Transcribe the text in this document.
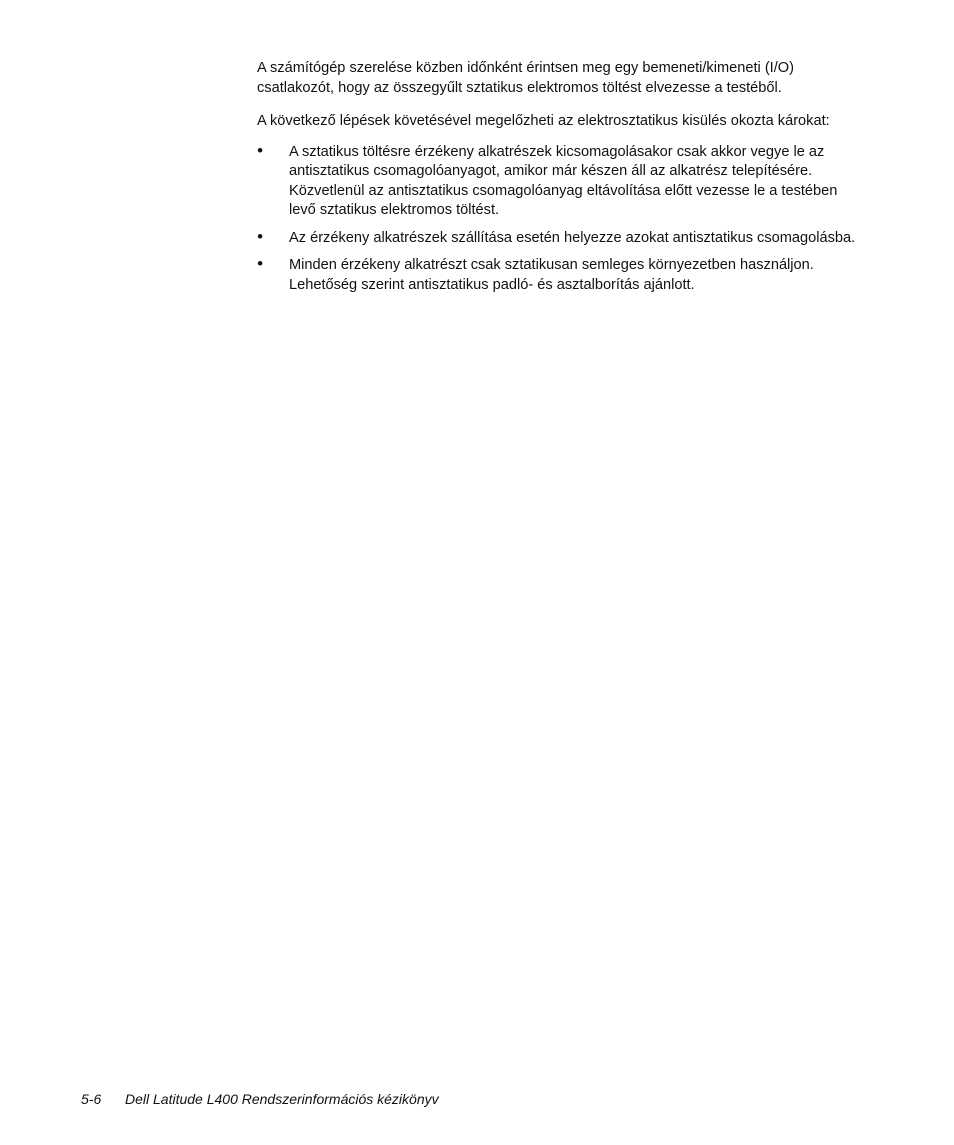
A számítógép szerelése közben időnként érintsen meg egy bemeneti/kimeneti (I/O) csatlakozót, hogy az összegyűlt sztatikus elektromos töltést elvezesse a testéből.

A következő lépések követésével megelőzheti az elektrosztatikus kisülés okozta károkat:

• A sztatikus töltésre érzékeny alkatrészek kicsomagolásakor csak akkor vegye le az antisztatikus csomagolóanyagot, amikor már készen áll az alkatrész telepítésére. Közvetlenül az antisztatikus csomagolóanyag eltávolítása előtt vezesse le a testében levő sztatikus elektromos töltést.
• Az érzékeny alkatrészek szállítása esetén helyezze azokat antisztatikus csomagolásba.
• Minden érzékeny alkatrészt csak sztatikusan semleges környezetben használjon. Lehetőség szerint antisztatikus padló- és asztalborítás ajánlott.
5-6 Dell Latitude L400 Rendszerinformációs kézikönyv
